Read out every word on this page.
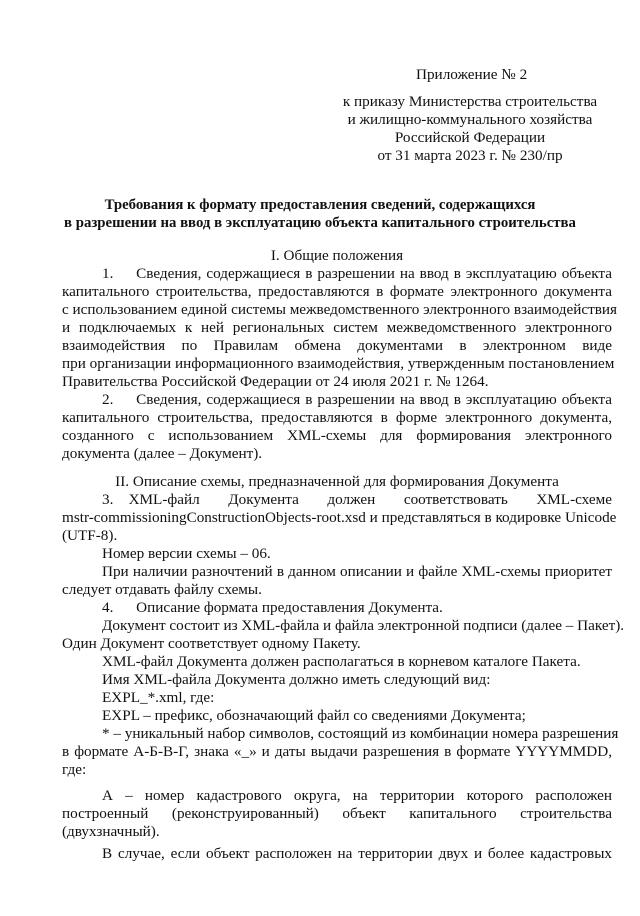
Приложение № 2
к приказу Министерства строительства
и жилищно-коммунального хозяйства
Российской Федерации
от 31 марта 2023 г. № 230/пр
Требования к формату предоставления сведений, содержащихся
в разрешении на ввод в эксплуатацию объекта капитального строительства
I. Общие положения
1.  Сведения, содержащиеся в разрешении на ввод в эксплуатацию объекта
капитального строительства, предоставляются в формате электронного документа
с использованием единой системы межведомственного электронного взаимодействия
и подключаемых к ней региональных систем межведомственного электронного
взаимодействия по Правилам обмена документами в электронном виде
при организации информационного взаимодействия, утвержденным постановлением
Правительства Российской Федерации от 24 июля 2021 г. № 1264.
2.  Сведения, содержащиеся в разрешении на ввод в эксплуатацию объекта
капитального строительства, предоставляются в форме электронного документа,
созданного с использованием XML-схемы для формирования электронного
документа (далее – Документ).
II. Описание схемы, предназначенной для формирования Документа
3. XML-файл Документа должен соответствовать XML-схеме
mstr-commissioningConstructionObjects-root.xsd и представляться в кодировке Unicode
(UTF-8).
Номер версии схемы – 06.
При наличии разночтений в данном описании и файле XML-схемы приоритет
следует отдавать файлу схемы.
4.  Описание формата предоставления Документа.
Документ состоит из XML-файла и файла электронной подписи (далее – Пакет).
Один Документ соответствует одному Пакету.
XML-файл Документа должен располагаться в корневом каталоге Пакета.
Имя XML-файла Документа должно иметь следующий вид:
EXPL_*.xml, где:
EXPL – префикс, обозначающий файл со сведениями Документа;
* – уникальный набор символов, состоящий из комбинации номера разрешения
в формате А-Б-В-Г, знака «_» и даты выдачи разрешения в формате YYYYMMDD,
где:
А – номер кадастрового округа, на территории которого расположен
построенный (реконструированный) объект капитального строительства
(двухзначный).
В случае, если объект расположен на территории двух и более кадастровых
